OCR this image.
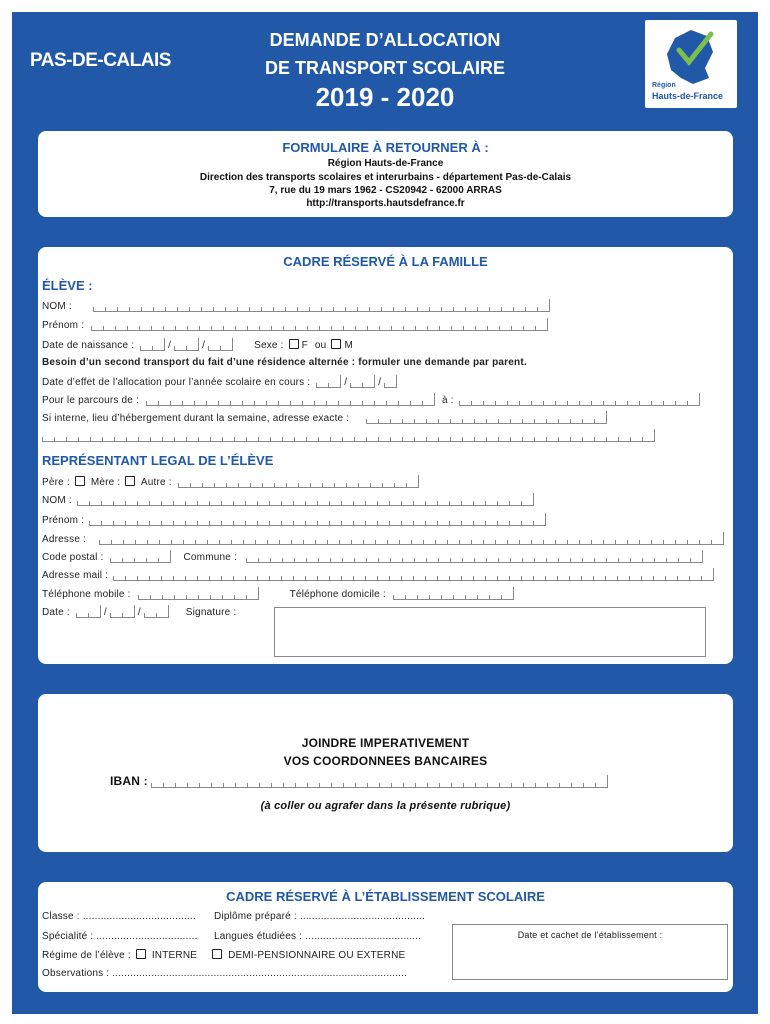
PAS-DE-CALAIS
DEMANDE D’ALLOCATION
DE TRANSPORT SCOLAIRE
2019 - 2020	Région
Hauts-de-France
FORMULAIRE À RETOURNER À :
Région Hauts-de-France
Direction des transports scolaires et interurbains - département Pas-de-Calais
7, rue du 19 mars 1962 - CS20942 - 62000 ARRAS
http://transports.hautsdefrance.fr
CADRE RÉSERVÉ À LA FAMILLE
ÉLÈVE :
NOM :
Prénom :
Date de naissance :	/	/	Sexe : F ou M
Besoin d’un second transport du fait d’une résidence alternée : formuler une demande par parent.
Date d’effet de l’allocation pour l’année scolaire en cours :	/	/
Pour le parcours de :	à :
Si interne, lieu d’hébergement durant la semaine, adresse exacte :
REPRÉSENTANT LEGAL DE L’ÉLÈVE
Père : Mère : Autre :
NOM :
Prénom :
Adresse :
Code postal :	Commune :
Adresse mail :
Téléphone mobile :	Téléphone domicile :
Date :	/	/	Signature :
JOINDRE IMPERATIVEMENT
VOS COORDONNEES BANCAIRES
IBAN :
(à coller ou agrafer dans la présente rubrique)
CADRE RÉSERVÉ À L’ÉTABLISSEMENT SCOLAIRE
Classe : ...................................... Diplôme préparé : ..........................................
Spécialité : .................................. Langues étudiées : .......................................
Régime de l’élève : INTERNE	DEMI-PENSIONNAIRE OU EXTERNE
Observations : ...................................................................................................
Date et cachet de l’établissement :
